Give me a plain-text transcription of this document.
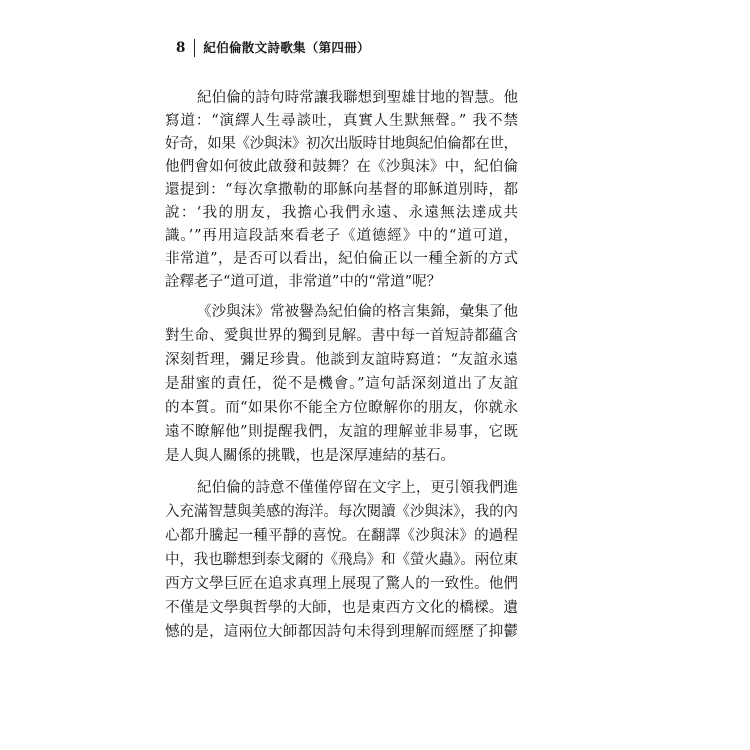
8 紀伯倫散文詩歌集（第四冊）
紀伯倫的詩句時常讓我聯想到聖雄甘地的智慧。他
寫道：“演繹人生尋談吐，真實人生默無聲。” 我不禁
好奇，如果《沙與沫》初次出版時甘地與紀伯倫都在世，
他們會如何彼此啟發和鼓舞？在《沙與沫》中，紀伯倫
還提到：“每次拿撒勒的耶穌向基督的耶穌道別時，都
說：‘我的朋友，我擔心我們永遠、永遠無法達成共
識。’”再用這段話來看老子《道德經》中的“道可道，
非常道”，是否可以看出，紀伯倫正以一種全新的方式
詮釋老子“道可道，非常道”中的“常道”呢？
《沙與沫》常被譽為紀伯倫的格言集錦，彙集了他
對生命、愛與世界的獨到見解。書中每一首短詩都蘊含
深刻哲理，彌足珍貴。他談到友誼時寫道：“友誼永遠
是甜蜜的責任，從不是機會。”這句話深刻道出了友誼
的本質。而“如果你不能全方位瞭解你的朋友，你就永
遠不瞭解他”則提醒我們，友誼的理解並非易事，它既
是人與人關係的挑戰，也是深厚連結的基石。
紀伯倫的詩意不僅僅停留在文字上，更引領我們進
入充滿智慧與美感的海洋。每次閱讀《沙與沫》，我的內
心都升騰起一種平靜的喜悅。在翻譯《沙與沫》的過程
中，我也聯想到泰戈爾的《飛鳥》和《螢火蟲》。兩位東
西方文學巨匠在追求真理上展現了驚人的一致性。他們
不僅是文學與哲學的大師，也是東西方文化的橋樑。遺
憾的是，這兩位大師都因詩句未得到理解而經歷了抑鬱
